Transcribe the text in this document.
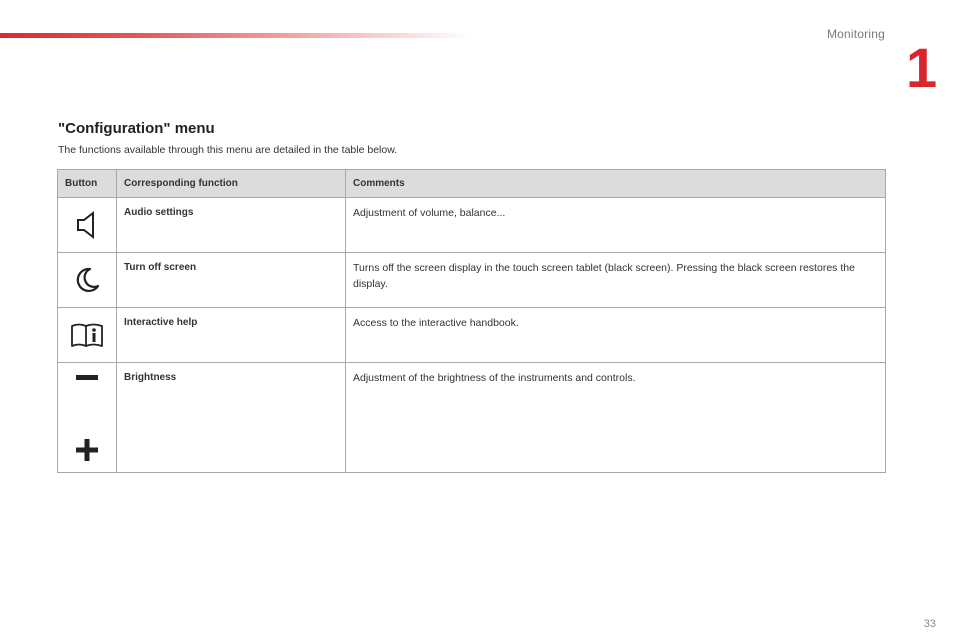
Monitoring
1
"Configuration" menu

The functions available through this menu are detailed in the table below.

Button	Corresponding function	Comments

	Audio settings	Adjustment of volume, balance...

	Turn off screen	Turns off the screen display in the touch screen tablet (black screen). Pressing the black screen restores the display.

	Interactive help	Access to the interactive handbook.

	Brightness	Adjustment of the brightness of the instruments and controls.
33
